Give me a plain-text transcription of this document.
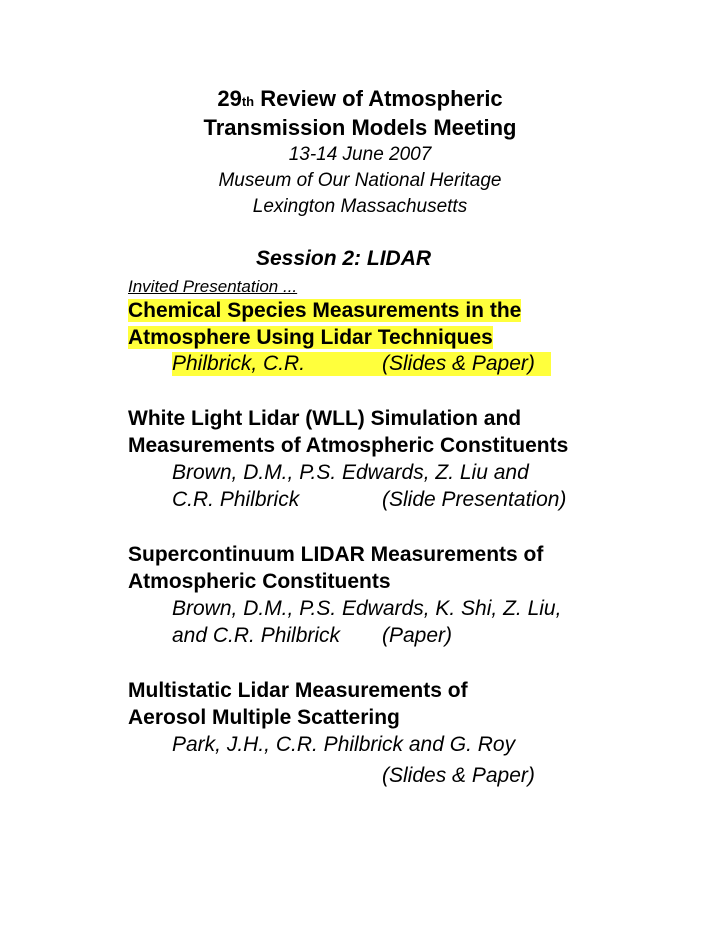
29th Review of Atmospheric
Transmission Models Meeting
13-14 June 2007
Museum of Our National Heritage
Lexington Massachusetts
Session 2: LIDAR
Invited Presentation ...
Chemical Species Measurements in the
Atmosphere Using Lidar Techniques
Philbrick, C.R.	(Slides & Paper)
White Light Lidar (WLL) Simulation and
Measurements of Atmospheric Constituents
Brown, D.M., P.S. Edwards, Z. Liu and
C.R. Philbrick	(Slide Presentation)
Supercontinuum LIDAR Measurements of
Atmospheric Constituents
Brown, D.M., P.S. Edwards, K. Shi, Z. Liu,
and C.R. Philbrick (Paper)
Multistatic Lidar Measurements of
Aerosol Multiple Scattering
Park, J.H., C.R. Philbrick and G. Roy
(Slides & Paper)
